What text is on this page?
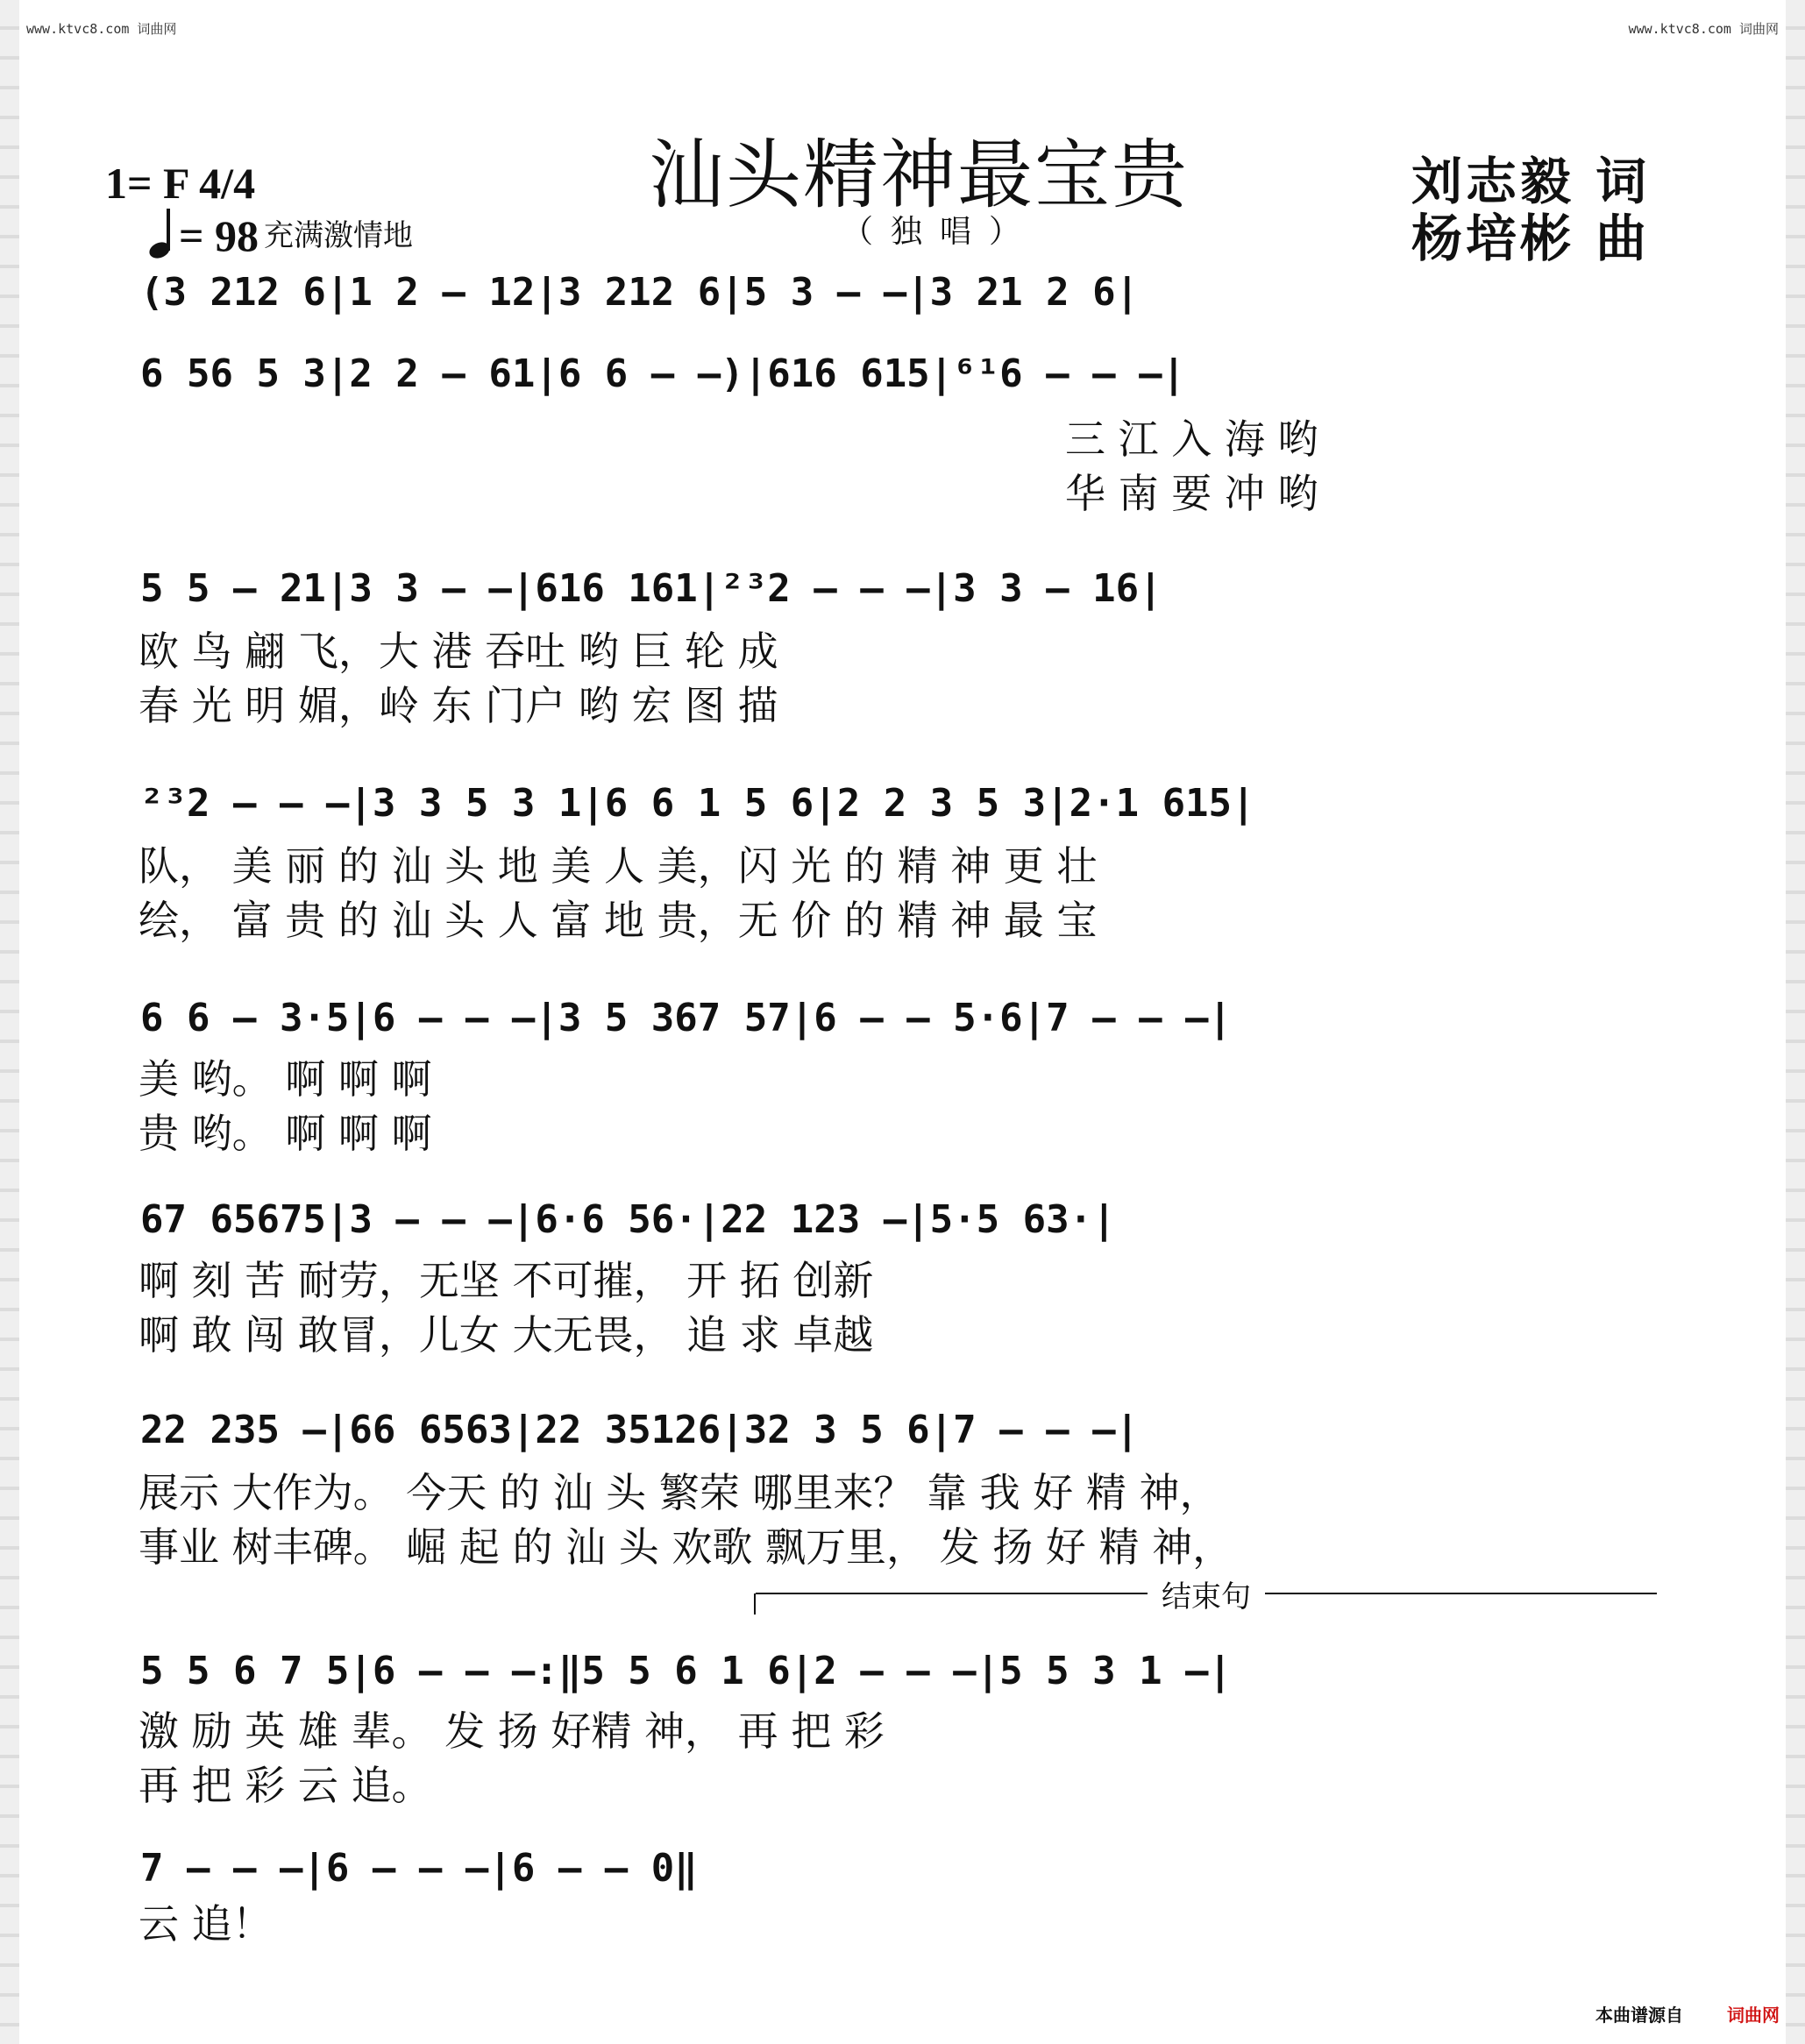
www.ktvc8.com 词曲网	www.ktvc8.com 词曲网
1= F 4/4
= 98 充满激情地
汕头精神最宝贵
（独唱）
刘志毅 词
杨培彬 曲

(3 212 6|1 2 — 12|3 212 6|5 3 — —|3 21 2 6|

6 56 5 3|2 2 — 61|6 6 — —)|616 615|⁶¹6 — — —|

5 5 — 21|3 3 — —|616 161|²³2 — — —|3 3 — 16|

²³2 — — —|3 3 5 3 1|6 6 1 5 6|2 2 3 5 3|2·1 615|

6 6 — 3·5|6 — — —|3 5 367 57|6 — — 5·6|7 — — —|

67 65675|3 — — —|6·6 56·|22 123 —|5·5 63·|

22 235 —|66 6563|22 35126|32 3 5 6|7 — — —|

5 5 6 7 5|6 — — —:‖5 5 6 1 6|2 — — —|5 5 3 1 —|

7 — — —|6 — — —|6 — — 0‖

三 江 入 海 哟

华 南 要 冲 哟

欧 鸟 翩 飞，大 港 吞吐 哟 巨 轮 成

春 光 明 媚，岭 东 门户 哟 宏 图 描

队， 美 丽 的 汕 头 地 美 人 美，闪 光 的 精 神 更 壮

绘， 富 贵 的 汕 头 人 富 地 贵，无 价 的 精 神 最 宝

美 哟。 啊 啊 啊

贵 哟。 啊 啊 啊

啊 刻 苦 耐劳，无坚 不可摧， 开 拓 创新

啊 敢 闯 敢冒，儿女 大无畏， 追 求 卓越

展示 大作为。 今天 的 汕 头 繁荣 哪里来？ 靠 我 好 精 神，

事业 树丰碑。 崛 起 的 汕 头 欢歌 飘万里， 发 扬 好 精 神，

激 励 英 雄 辈。 发 扬 好精 神， 再 把 彩

再 把 彩 云 追。

云 追！

结束句
本曲谱源自	词曲网
